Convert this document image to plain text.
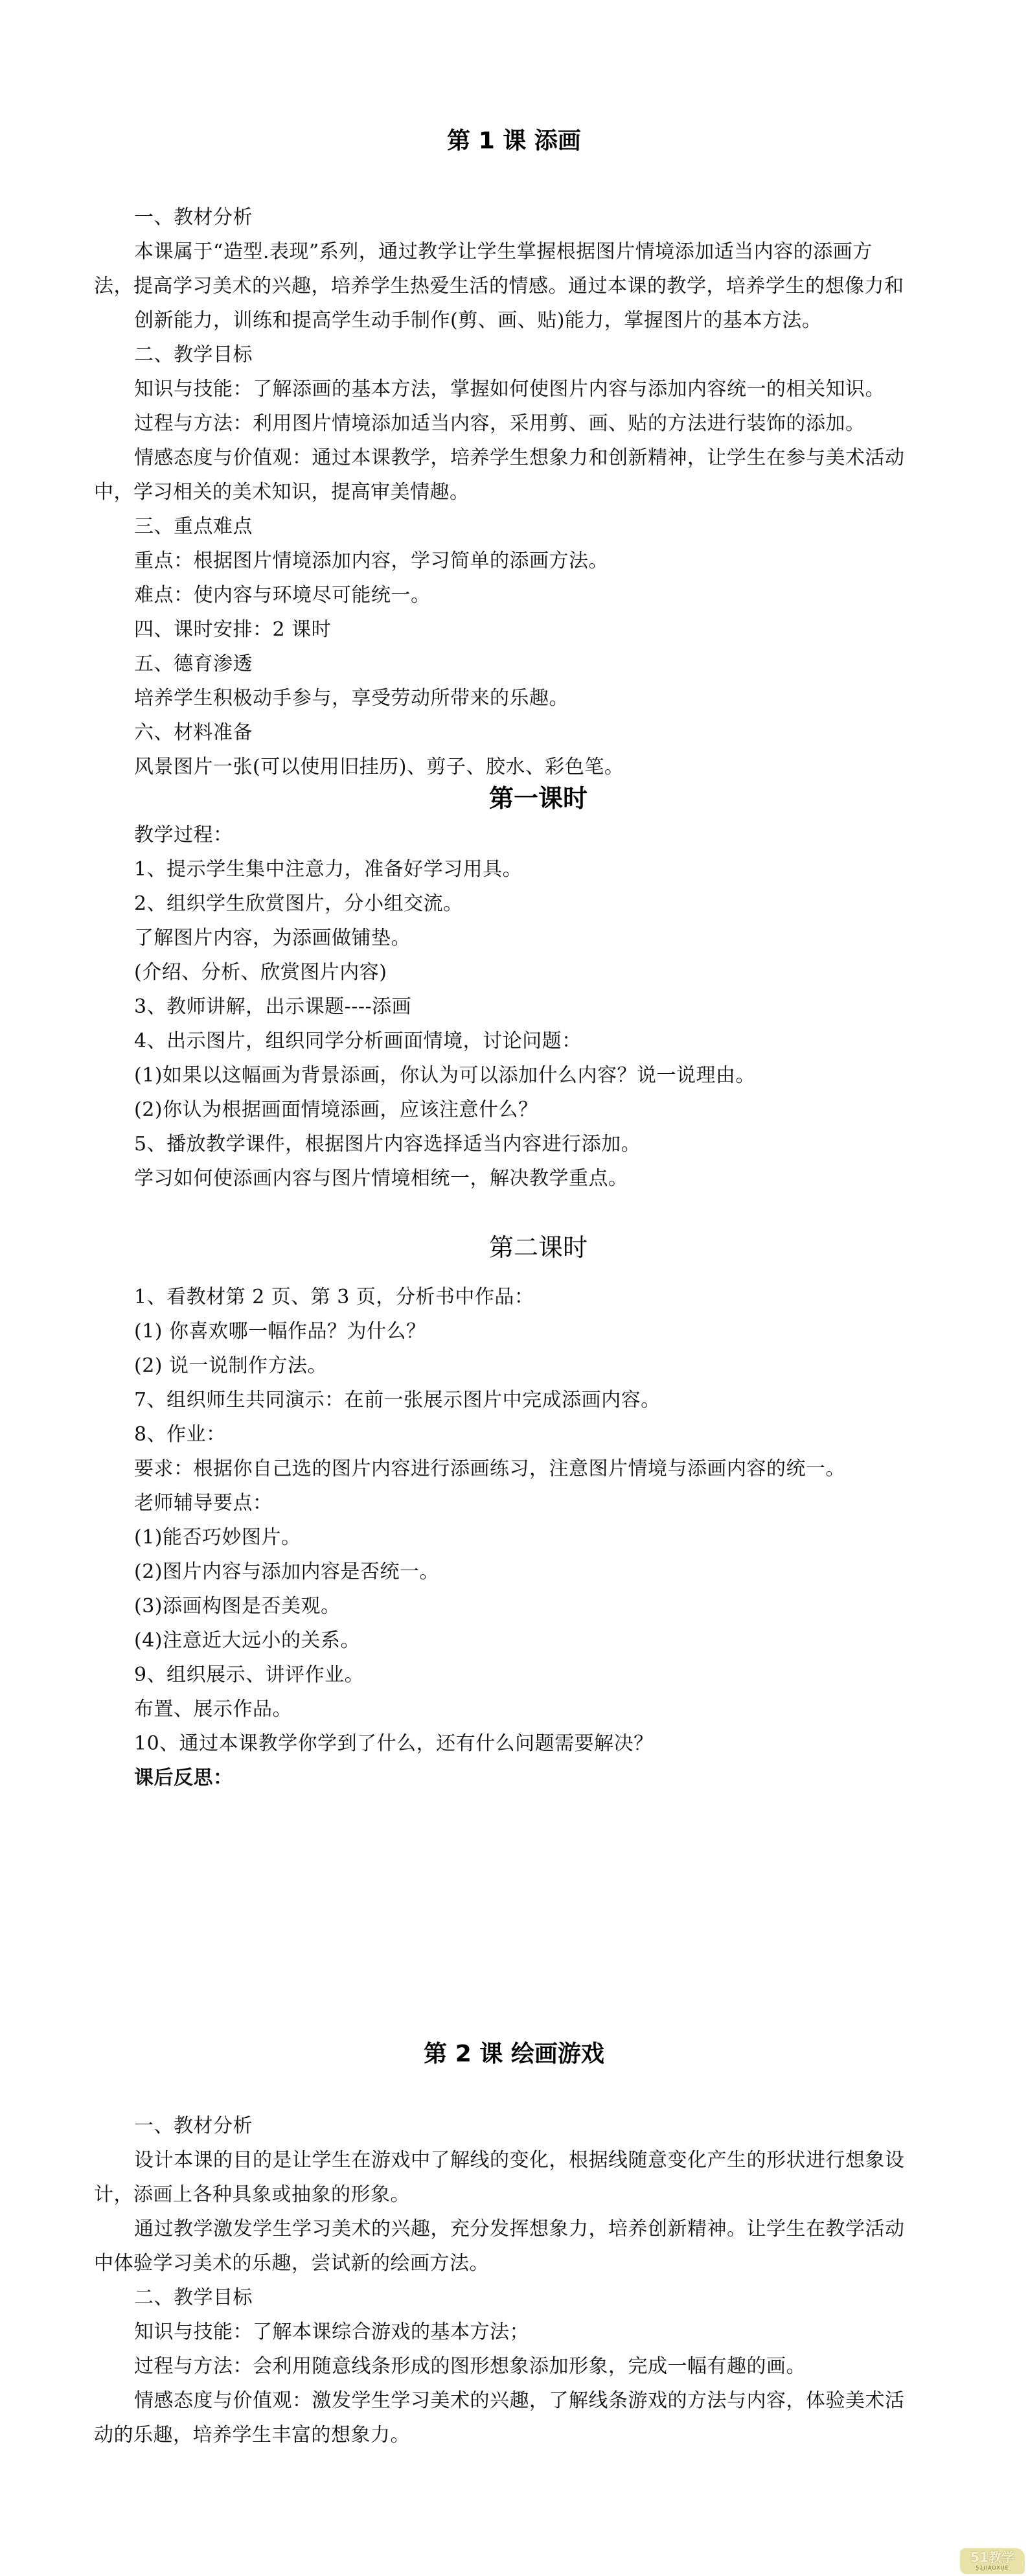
第 1 课 添画
一、教材分析
本课属于“造型.表现”系列，通过教学让学生掌握根据图片情境添加适当内容的添画方
法，提高学习美术的兴趣，培养学生热爱生活的情感。通过本课的教学，培养学生的想像力和
创新能力，训练和提高学生动手制作(剪、画、贴)能力，掌握图片的基本方法。
二、教学目标
知识与技能：了解添画的基本方法，掌握如何使图片内容与添加内容统一的相关知识。
过程与方法：利用图片情境添加适当内容，采用剪、画、贴的方法进行装饰的添加。
情感态度与价值观：通过本课教学，培养学生想象力和创新精神，让学生在参与美术活动
中，学习相关的美术知识，提高审美情趣。
三、重点难点
重点：根据图片情境添加内容，学习简单的添画方法。
难点：使内容与环境尽可能统一。
四、课时安排：2 课时
五、德育渗透
培养学生积极动手参与，享受劳动所带来的乐趣。
六、材料准备
风景图片一张(可以使用旧挂历)、剪子、胶水、彩色笔。
第一课时
教学过程：
1、提示学生集中注意力，准备好学习用具。
2、组织学生欣赏图片，分小组交流。
了解图片内容，为添画做铺垫。
(介绍、分析、欣赏图片内容)
3、教师讲解，出示课题----添画
4、出示图片，组织同学分析画面情境，讨论问题：
(1)如果以这幅画为背景添画，你认为可以添加什么内容？说一说理由。
(2)你认为根据画面情境添画，应该注意什么？
5、播放教学课件，根据图片内容选择适当内容进行添加。
学习如何使添画内容与图片情境相统一，解决教学重点。
第二课时
1、看教材第 2 页、第 3 页，分析书中作品：
(1) 你喜欢哪一幅作品？为什么？
(2) 说一说制作方法。
7、组织师生共同演示：在前一张展示图片中完成添画内容。
8、作业：
要求：根据你自己选的图片内容进行添画练习，注意图片情境与添画内容的统一。
老师辅导要点：
(1)能否巧妙图片。
(2)图片内容与添加内容是否统一。
(3)添画构图是否美观。
(4)注意近大远小的关系。
9、组织展示、讲评作业。
布置、展示作品。
10、通过本课教学你学到了什么，还有什么问题需要解决？
课后反思：
第 2 课 绘画游戏
一、教材分析
设计本课的目的是让学生在游戏中了解线的变化，根据线随意变化产生的形状进行想象设
计，添画上各种具象或抽象的形象。
通过教学激发学生学习美术的兴趣，充分发挥想象力，培养创新精神。让学生在教学活动
中体验学习美术的乐趣，尝试新的绘画方法。
二、教学目标
知识与技能：了解本课综合游戏的基本方法；
过程与方法：会利用随意线条形成的图形想象添加形象，完成一幅有趣的画。
情感态度与价值观：激发学生学习美术的兴趣，了解线条游戏的方法与内容，体验美术活
动的乐趣，培养学生丰富的想象力。
51教学
51JIAOXUE
